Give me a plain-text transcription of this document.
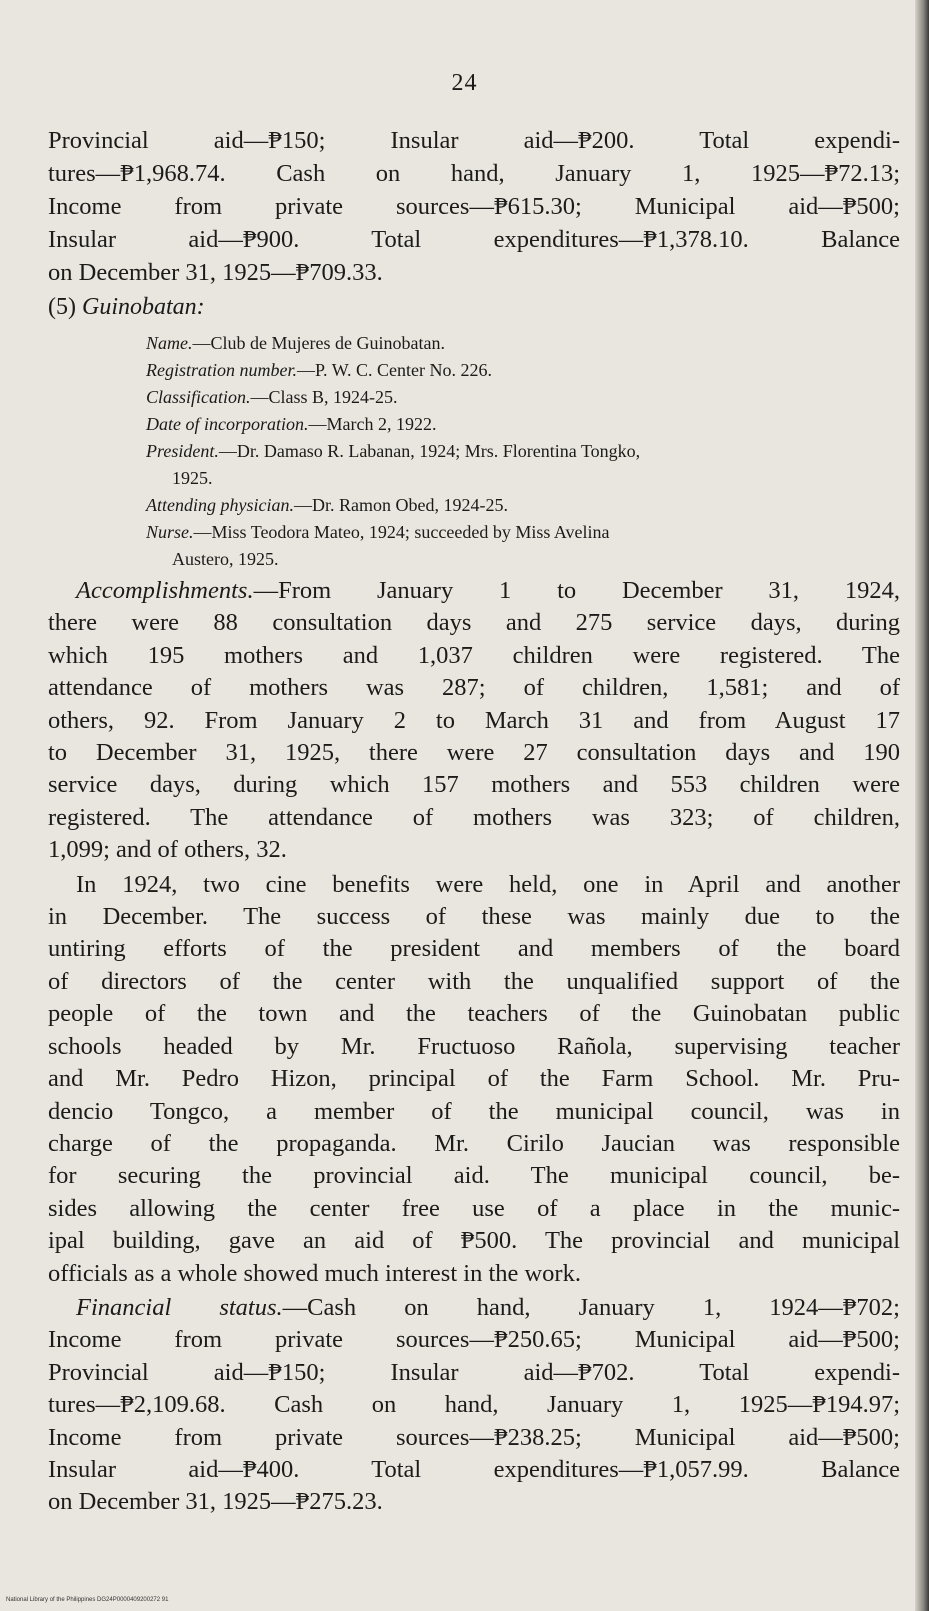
24

Provincial aid—₱150; Insular aid—₱200. Total expendi-

tures—₱1,968.74. Cash on hand, January 1, 1925—₱72.13;

Income from private sources—₱615.30; Municipal aid—₱500;

Insular aid—₱900. Total expenditures—₱1,378.10. Balance

on December 31, 1925—₱709.33.

(5) Guinobatan:

Name.—Club de Mujeres de Guinobatan.

Registration number.—P. W. C. Center No. 226.

Classification.—Class B, 1924-25.

Date of incorporation.—March 2, 1922.

President.—Dr. Damaso R. Labanan, 1924; Mrs. Florentina Tongko,

1925.

Attending physician.—Dr. Ramon Obed, 1924-25.

Nurse.—Miss Teodora Mateo, 1924; succeeded by Miss Avelina

Austero, 1925.

Accomplishments.—From January 1 to December 31, 1924,
there were 88 consultation days and 275 service days, during
which 195 mothers and 1,037 children were registered. The
attendance of mothers was 287; of children, 1,581; and of
others, 92. From January 2 to March 31 and from August 17
to December 31, 1925, there were 27 consultation days and 190
service days, during which 157 mothers and 553 children were
registered. The attendance of mothers was 323; of children,
1,099; and of others, 32.
In 1924, two cine benefits were held, one in April and another
in December. The success of these was mainly due to the
untiring efforts of the president and members of the board
of directors of the center with the unqualified support of the
people of the town and the teachers of the Guinobatan public
schools headed by Mr. Fructuoso Rañola, supervising teacher
and Mr. Pedro Hizon, principal of the Farm School. Mr. Pru-
dencio Tongco, a member of the municipal council, was in
charge of the propaganda. Mr. Cirilo Jaucian was responsible
for securing the provincial aid. The municipal council, be-
sides allowing the center free use of a place in the munic-
ipal building, gave an aid of ₱500. The provincial and municipal
officials as a whole showed much interest in the work.
Financial status.—Cash on hand, January 1, 1924—₱702;
Income from private sources—₱250.65; Municipal aid—₱500;
Provincial aid—₱150; Insular aid—₱702. Total expendi-
tures—₱2,109.68. Cash on hand, January 1, 1925—₱194.97;
Income from private sources—₱238.25; Municipal aid—₱500;
Insular aid—₱400. Total expenditures—₱1,057.99. Balance
on December 31, 1925—₱275.23.
National Library of the Philippines DG24P0000409200272 91
